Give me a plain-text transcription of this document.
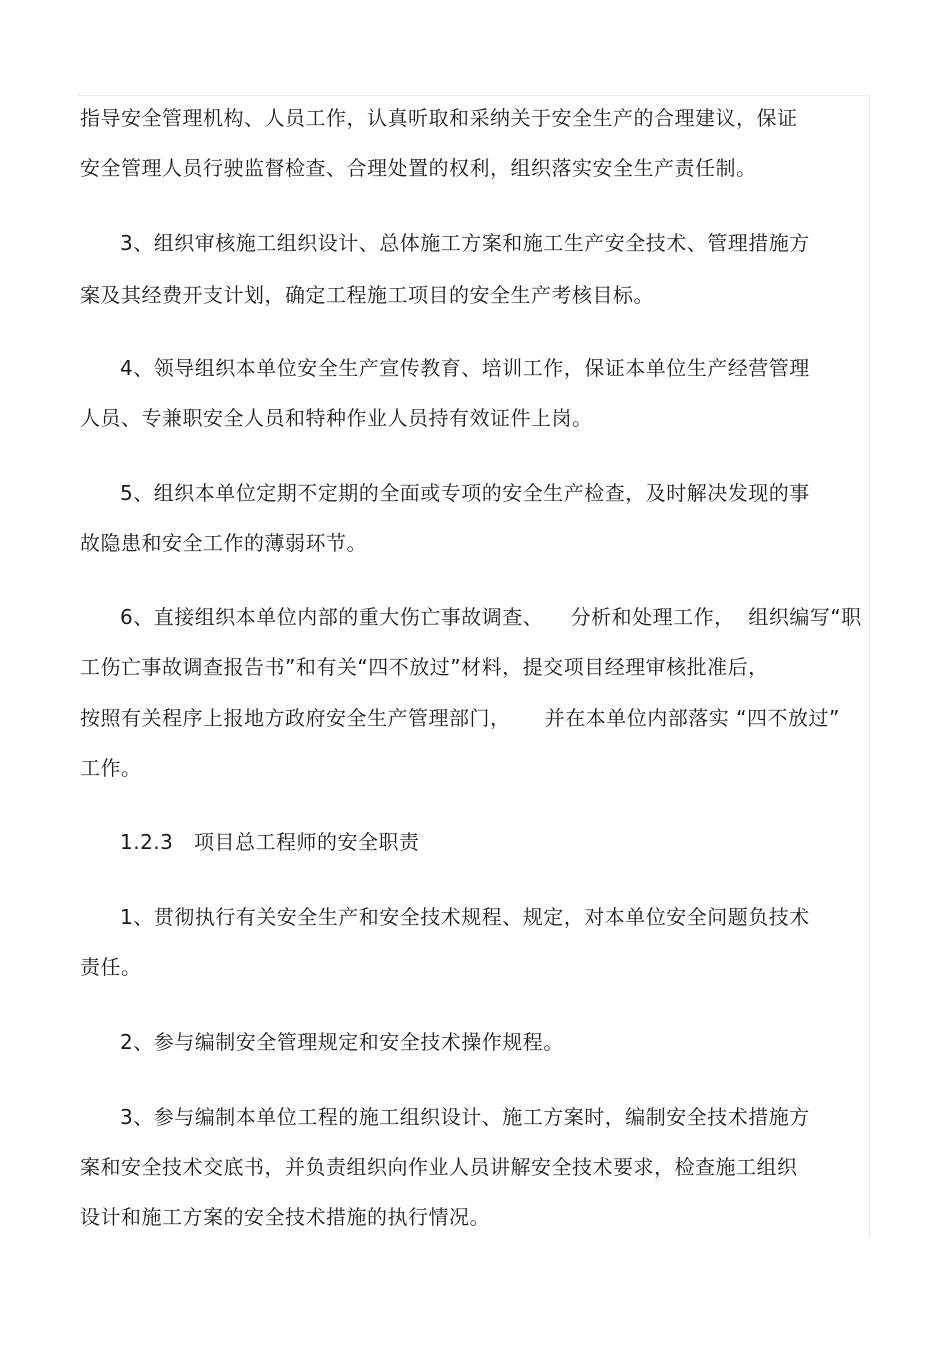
指导安全管理机构、人员工作，认真听取和采纳关于安全生产的合理建议，保证
安全管理人员行驶监督检查、合理处置的权利，组织落实安全生产责任制。
3、组织审核施工组织设计、总体施工方案和施工生产安全技术、管理措施方
案及其经费开支计划，确定工程施工项目的安全生产考核目标。
4、领导组织本单位安全生产宣传教育、培训工作，保证本单位生产经营管理
人员、专兼职安全人员和特种作业人员持有效证件上岗。
5、组织本单位定期不定期的全面或专项的安全生产检查，及时解决发现的事
故隐患和安全工作的薄弱环节。
6、直接组织本单位内部的重大伤亡事故调查、    分析和处理工作，  组织编写“职
工伤亡事故调查报告书”和有关“四不放过”材料，提交项目经理审核批准后，
按照有关程序上报地方政府安全生产管理部门，     并在本单位内部落实 “四不放过”
工作。
1.2.3   项目总工程师的安全职责
1、贯彻执行有关安全生产和安全技术规程、规定，对本单位安全问题负技术
责任。
2、参与编制安全管理规定和安全技术操作规程。
3、参与编制本单位工程的施工组织设计、施工方案时，编制安全技术措施方
案和安全技术交底书，并负责组织向作业人员讲解安全技术要求，检查施工组织
设计和施工方案的安全技术措施的执行情况。
